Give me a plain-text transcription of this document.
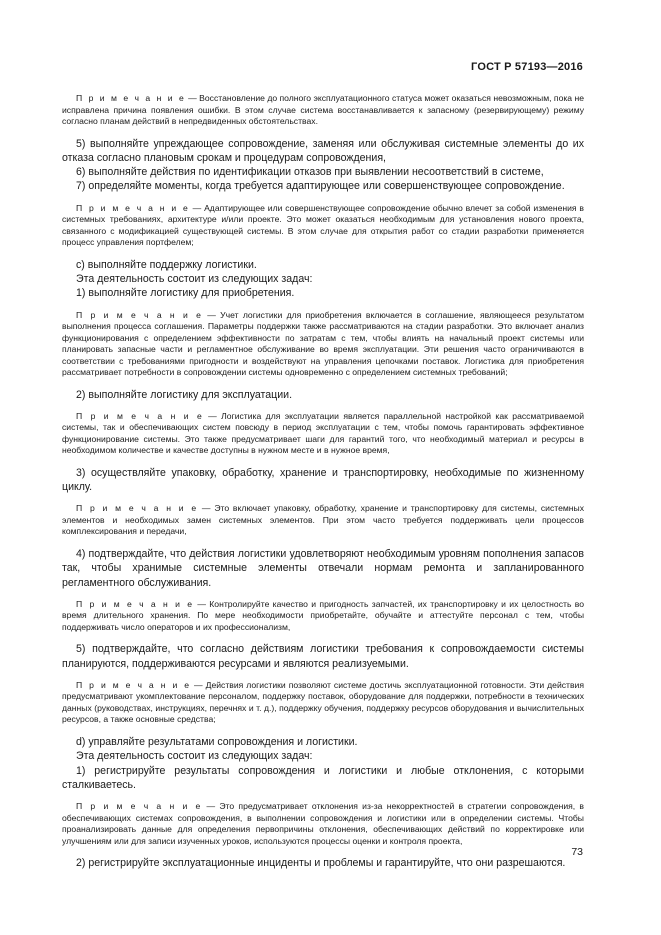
ГОСТ Р 57193—2016

П р и м е ч а н и е — Восстановление до полного эксплуатационного статуса может оказаться невозможным, пока не исправлена причина появления ошибки. В этом случае система восстанавливается к запасному (резервирующему) режиму согласно планам действий в непредвиденных обстоятельствах.

5) выполняйте упреждающее сопровождение, заменяя или обслуживая системные элементы до их отказа согласно плановым срокам и процедурам сопровождения,

6) выполняйте действия по идентификации отказов при выявлении несоответствий в системе,

7) определяйте моменты, когда требуется адаптирующее или совершенствующее сопровождение.

П р и м е ч а н и е — Адаптирующее или совершенствующее сопровождение обычно влечет за собой изменения в системных требованиях, архитектуре и/или проекте. Это может оказаться необходимым для установления нового проекта, связанного с модификацией существующей системы. В этом случае для открытия работ со стадии разработки применяется процесс управления портфелем;

c) выполняйте поддержку логистики.

Эта деятельность состоит из следующих задач:

1) выполняйте логистику для приобретения.

П р и м е ч а н и е — Учет логистики для приобретения включается в соглашение, являющееся результатом выполнения процесса соглашения. Параметры поддержки также рассматриваются на стадии разработки. Это включает анализ функционирования с определением эффективности по затратам с тем, чтобы влиять на начальный проект системы или планировать запасные части и регламентное обслуживание во время эксплуатации. Эти решения часто ограничиваются в соответствии с требованиями пригодности и воздействуют на управления цепочками поставок. Логистика для приобретения рассматривает потребности в сопровождении системы одновременно с определением системных требований;

2) выполняйте логистику для эксплуатации.

П р и м е ч а н и е — Логистика для эксплуатации является параллельной настройкой как рассматриваемой системы, так и обеспечивающих систем повсюду в период эксплуатации с тем, чтобы помочь гарантировать эффективное функционирование системы. Это также предусматривает шаги для гарантий того, что необходимый материал и ресурсы в необходимом количестве и качестве доступны в нужном месте и в нужное время,

3) осуществляйте упаковку, обработку, хранение и транспортировку, необходимые по жизненному циклу.

П р и м е ч а н и е — Это включает упаковку, обработку, хранение и транспортировку для системы, системных элементов и необходимых замен системных элементов. При этом часто требуется поддерживать цели процессов комплексирования и передачи,

4) подтверждайте, что действия логистики удовлетворяют необходимым уровням пополнения запасов так, чтобы хранимые системные элементы отвечали нормам ремонта и запланированного регламентного обслуживания.

П р и м е ч а н и е — Контролируйте качество и пригодность запчастей, их транспортировку и их целостность во время длительного хранения. По мере необходимости приобретайте, обучайте и аттестуйте персонал с тем, чтобы поддерживать число операторов и их профессионализм,

5) подтверждайте, что согласно действиям логистики требования к сопровождаемости системы планируются, поддерживаются ресурсами и являются реализуемыми.

П р и м е ч а н и е — Действия логистики позволяют системе достичь эксплуатационной готовности. Эти действия предусматривают укомплектование персоналом, поддержку поставок, оборудование для поддержки, потребности в технических данных (руководствах, инструкциях, перечнях и т. д.), поддержку обучения, поддержку ресурсов оборудования и вычислительных ресурсов, а также основные средства;

d) управляйте результатами сопровождения и логистики.

Эта деятельность состоит из следующих задач:

1) регистрируйте результаты сопровождения и логистики и любые отклонения, с которыми сталкиваетесь.

П р и м е ч а н и е — Это предусматривает отклонения из-за некорректностей в стратегии сопровождения, в обеспечивающих системах сопровождения, в выполнении сопровождения и логистики или в определении системы. Чтобы проанализировать данные для определения первопричины отклонения, обеспечивающих действий по корректировке или улучшениям или для записи изученных уроков, используются процессы оценки и контроля проекта,

2) регистрируйте эксплуатационные инциденты и проблемы и гарантируйте, что они разрешаются.

73
